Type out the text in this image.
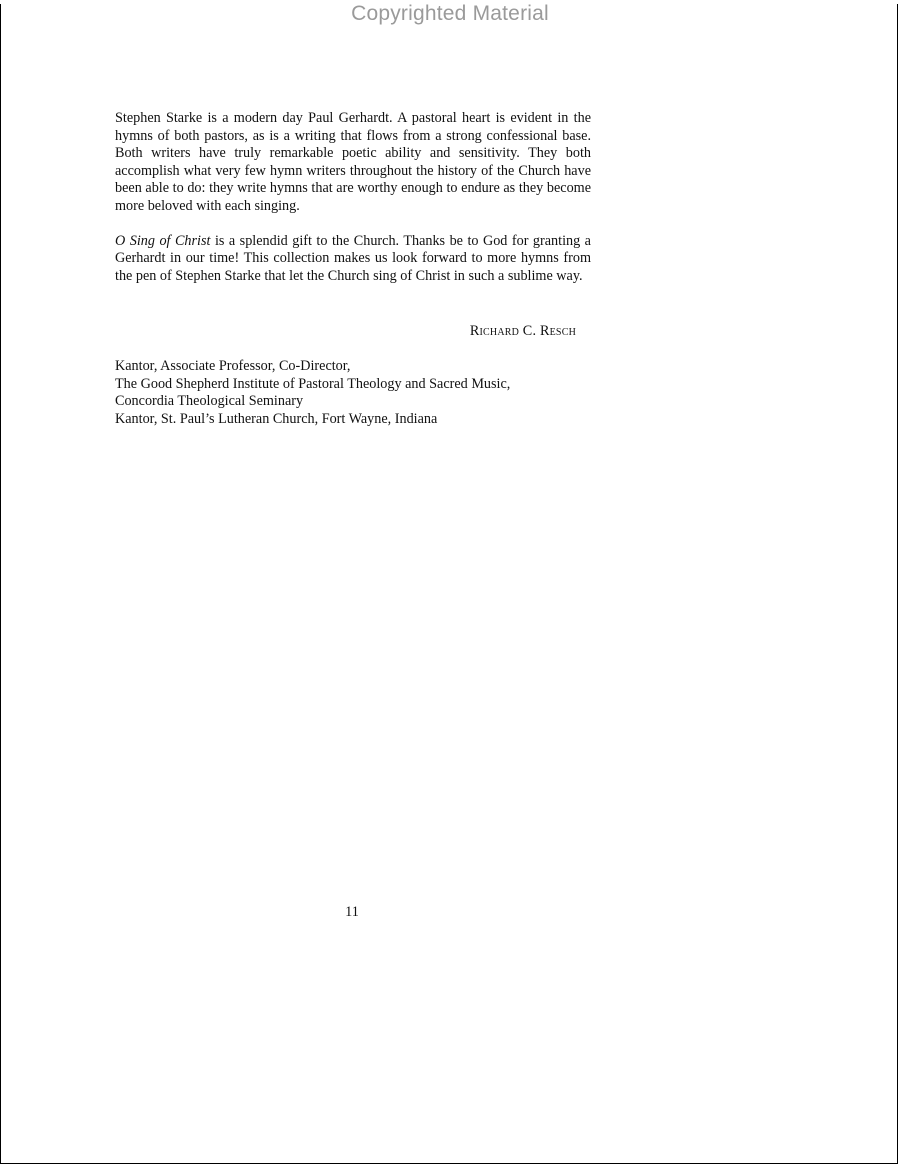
Copyrighted Material

Stephen Starke is a modern day Paul Gerhardt. A pastoral heart is evident in the hymns of both pastors, as is a writing that flows from a strong confessional base. Both writers have truly remarkable poetic ability and sensitivity. They both accomplish what very few hymn writers throughout the history of the Church have been able to do: they write hymns that are worthy enough to endure as they become more beloved with each singing.

O Sing of Christ is a splendid gift to the Church. Thanks be to God for granting a Gerhardt in our time! This collection makes us look forward to more hymns from the pen of Stephen Starke that let the Church sing of Christ in such a sublime way.

Richard C. Resch
Kantor, Associate Professor, Co-Director,
The Good Shepherd Institute of Pastoral Theology and Sacred Music,
Concordia Theological Seminary
Kantor, St. Paul’s Lutheran Church, Fort Wayne, Indiana
11
